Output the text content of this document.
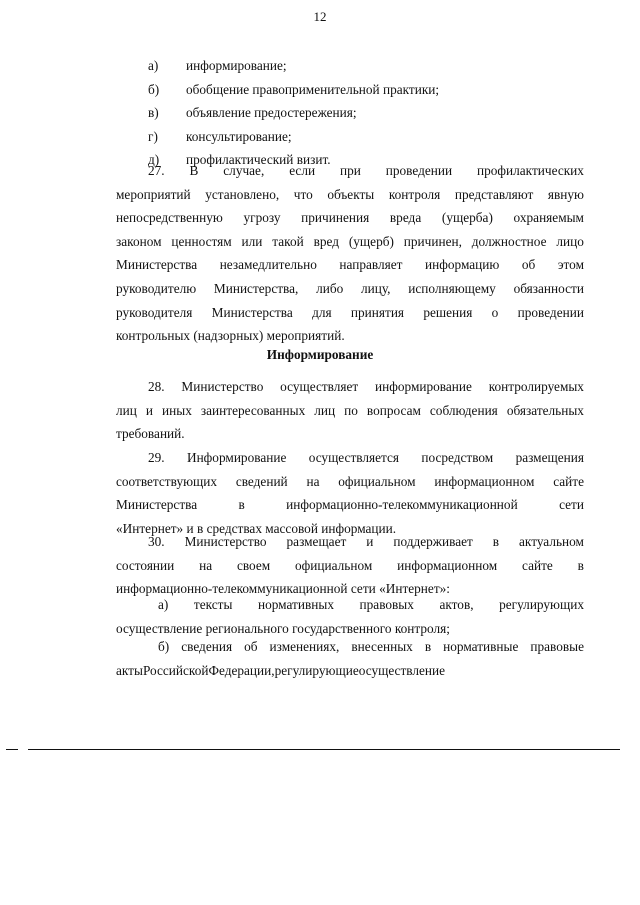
12
а) информирование;
б) обобщение правоприменительной практики;
в) объявление предостережения;
г) консультирование;
д) профилактический визит.
27. В случае, если при проведении профилактических
мероприятий установлено, что объекты контроля представляют явную
непосредственную угрозу причинения вреда (ущерба) охраняемым
законом ценностям или такой вред (ущерб) причинен, должностное лицо
Министерства незамедлительно направляет информацию об этом
руководителю Министерства, либо лицу, исполняющему обязанности
руководителя Министерства для принятия решения о проведении
контрольных (надзорных) мероприятий.
Информирование
28. Министерство осуществляет информирование контролируемых
лиц и иных заинтересованных лиц по вопросам соблюдения обязательных
требований.
29. Информирование осуществляется посредством размещения
соответствующих сведений на официальном информационном сайте
Министерства	в	информационно-телекоммуникационной	сети
«Интернет» и в средствах массовой информации.
30. Министерство размещает и поддерживает в актуальном
состоянии на своем официальном информационном сайте в
информационно-телекоммуникационной сети «Интернет»:
а) тексты нормативных правовых актов, регулирующих
осуществление регионального государственного контроля;
б) сведения об изменениях, внесенных в нормативные правовые
акты Российской Федерации, регулирующие осуществление
